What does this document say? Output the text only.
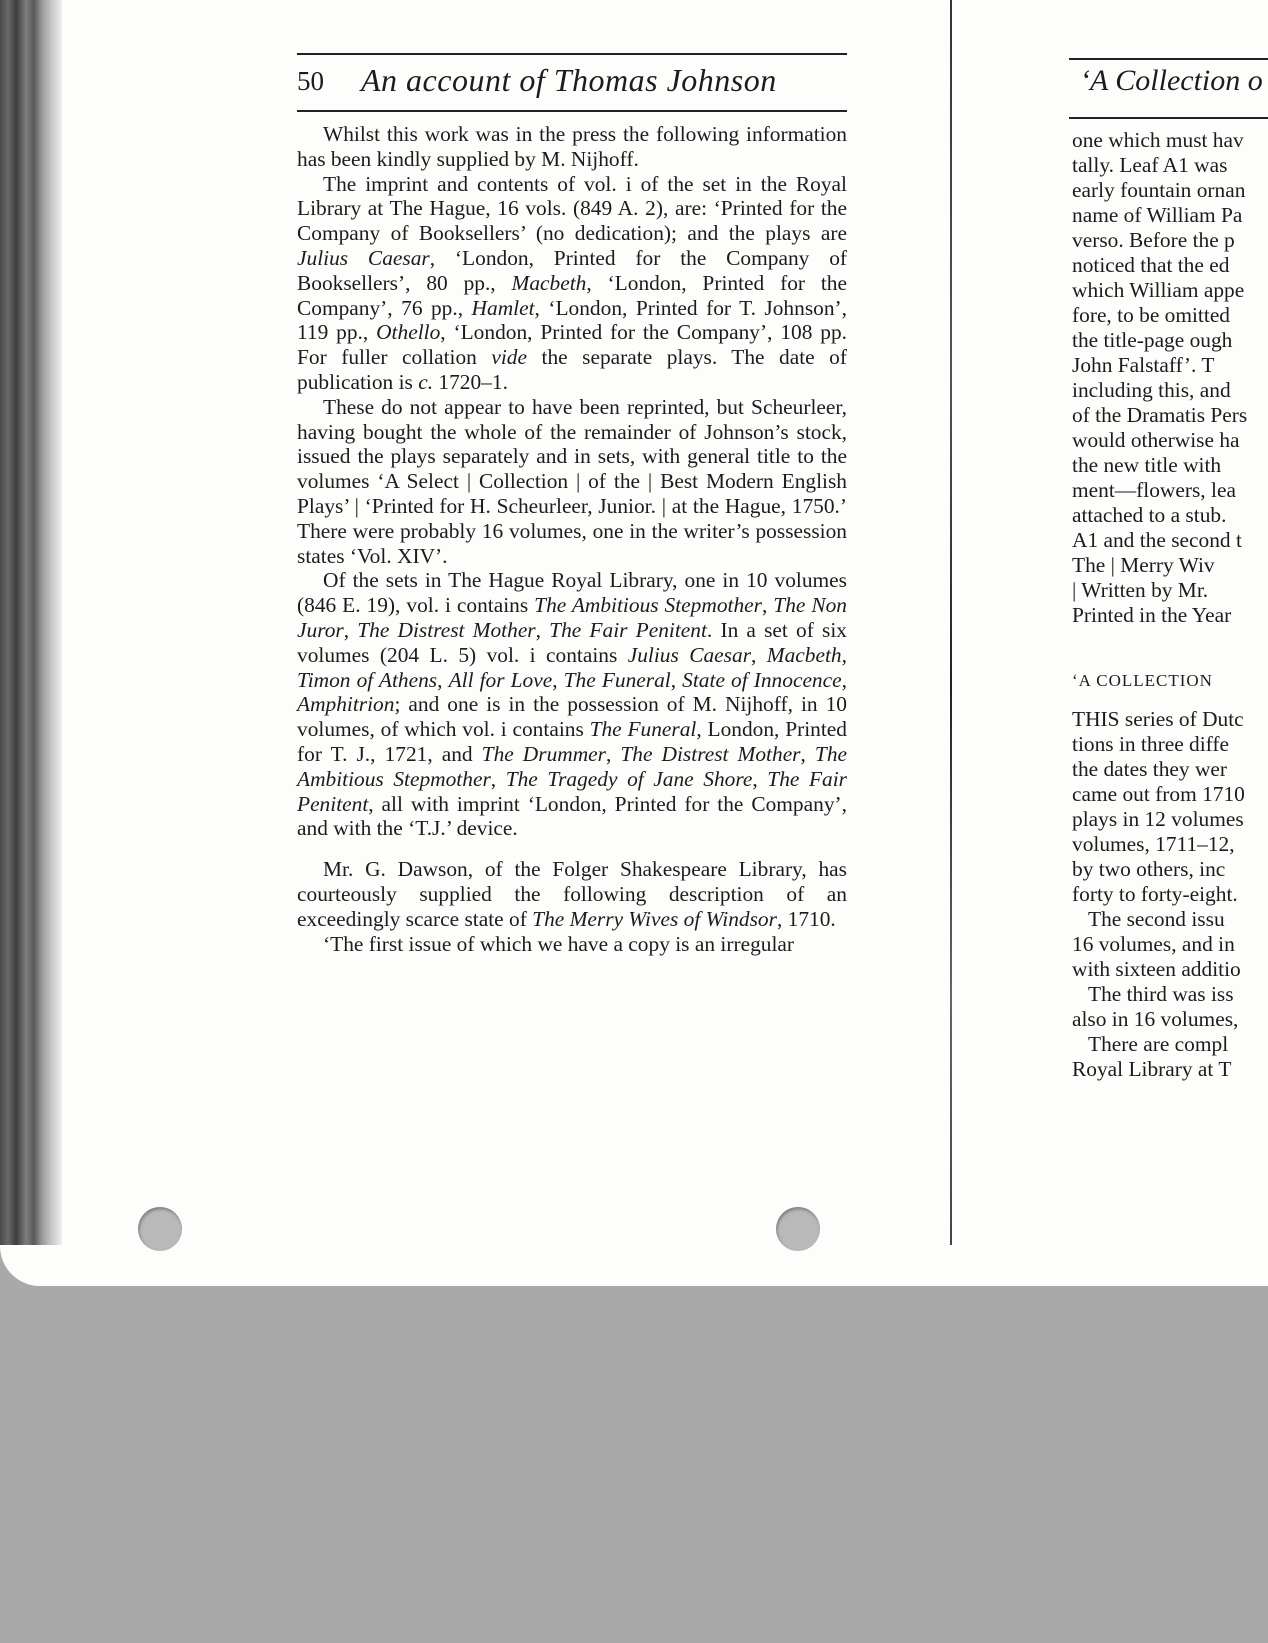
50 An account of Thomas Johnson	‘A Collection o

Whilst this work was in the press the following information has been kindly supplied by M. Nijhoff.

The imprint and contents of vol. i of the set in the Royal Library at The Hague, 16 vols. (849 A. 2), are: ‘Printed for the Company of Booksellers’ (no dedication); and the plays are Julius Caesar, ‘London, Printed for the Company of Booksellers’, 80 pp., Macbeth, ‘London, Printed for the Company’, 76 pp., Hamlet, ‘London, Printed for T. Johnson’, 119 pp., Othello, ‘London, Printed for the Company’, 108 pp. For fuller collation vide the separate plays. The date of publication is c. 1720–1.

These do not appear to have been reprinted, but Scheurleer, having bought the whole of the remainder of Johnson’s stock, issued the plays separately and in sets, with general title to the volumes ‘A Select | Collection | of the | Best Modern English Plays’ | ‘Printed for H. Scheurleer, Junior. | at the Hague, 1750.’ There were probably 16 volumes, one in the writer’s possession states ‘Vol. XIV’.

Of the sets in The Hague Royal Library, one in 10 volumes (846 E. 19), vol. i contains The Ambitious Stepmother, The Non Juror, The Distrest Mother, The Fair Penitent. In a set of six volumes (204 L. 5) vol. i contains Julius Caesar, Macbeth, Timon of Athens, All for Love, The Funeral, State of Innocence, Amphitrion; and one is in the possession of M. Nijhoff, in 10 volumes, of which vol. i contains The Funeral, London, Printed for T. J., 1721, and The Drummer, The Distrest Mother, The Ambitious Stepmother, The Tragedy of Jane Shore, The Fair Penitent, all with imprint ‘London, Printed for the Company’, and with the ‘T.J.’ device.

Mr. G. Dawson, of the Folger Shakespeare Library, has courteously supplied the following description of an exceedingly scarce state of The Merry Wives of Windsor, 1710.

‘The first issue of which we have a copy is an irregular

one which must hav
tally. Leaf A1 was
early fountain ornan
name of William Pa
verso. Before the p
noticed that the ed
which William appe
fore, to be omitted
the title-page ough
John Falstaff’. T
including this, and
of the Dramatis Pers
would otherwise ha
the new title with
ment—flowers, lea
attached to a stub.
A1 and the second t
The | Merry Wiv
| Written by Mr.
Printed in the Year
‘A COLLECTION
THIS series of Dutc
tions in three diffe
the dates they wer
came out from 1710
plays in 12 volumes
volumes, 1711–12,
by two others, inc
forty to forty-eight.
The second issu
16 volumes, and in
with sixteen additio
The third was iss
also in 16 volumes,
There are compl
Royal Library at T
